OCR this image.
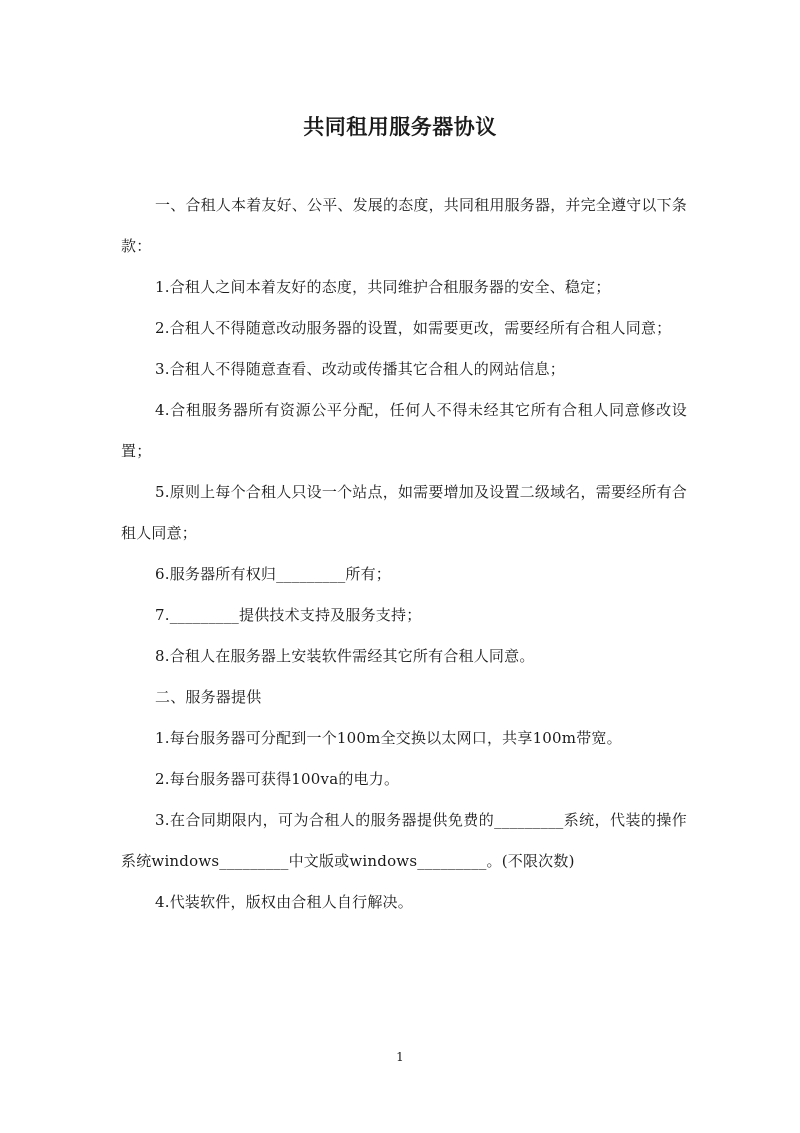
共同租用服务器协议

一、合租人本着友好、公平、发展的态度，共同租用服务器，并完全遵守以下条款：

1.合租人之间本着友好的态度，共同维护合租服务器的安全、稳定；

2.合租人不得随意改动服务器的设置，如需要更改，需要经所有合租人同意；

3.合租人不得随意查看、改动或传播其它合租人的网站信息；

4.合租服务器所有资源公平分配，任何人不得未经其它所有合租人同意修改设置；

5.原则上每个合租人只设一个站点，如需要增加及设置二级域名，需要经所有合租人同意；

6.服务器所有权归_________所有；

7._________提供技术支持及服务支持；

8.合租人在服务器上安装软件需经其它所有合租人同意。

二、服务器提供

1.每台服务器可分配到一个100m全交换以太网口，共享100m带宽。

2.每台服务器可获得100va的电力。

3.在合同期限内，可为合租人的服务器提供免费的_________系统，代装的操作系统windows_________中文版或windows_________。(不限次数)

4.代装软件，版权由合租人自行解决。

1
